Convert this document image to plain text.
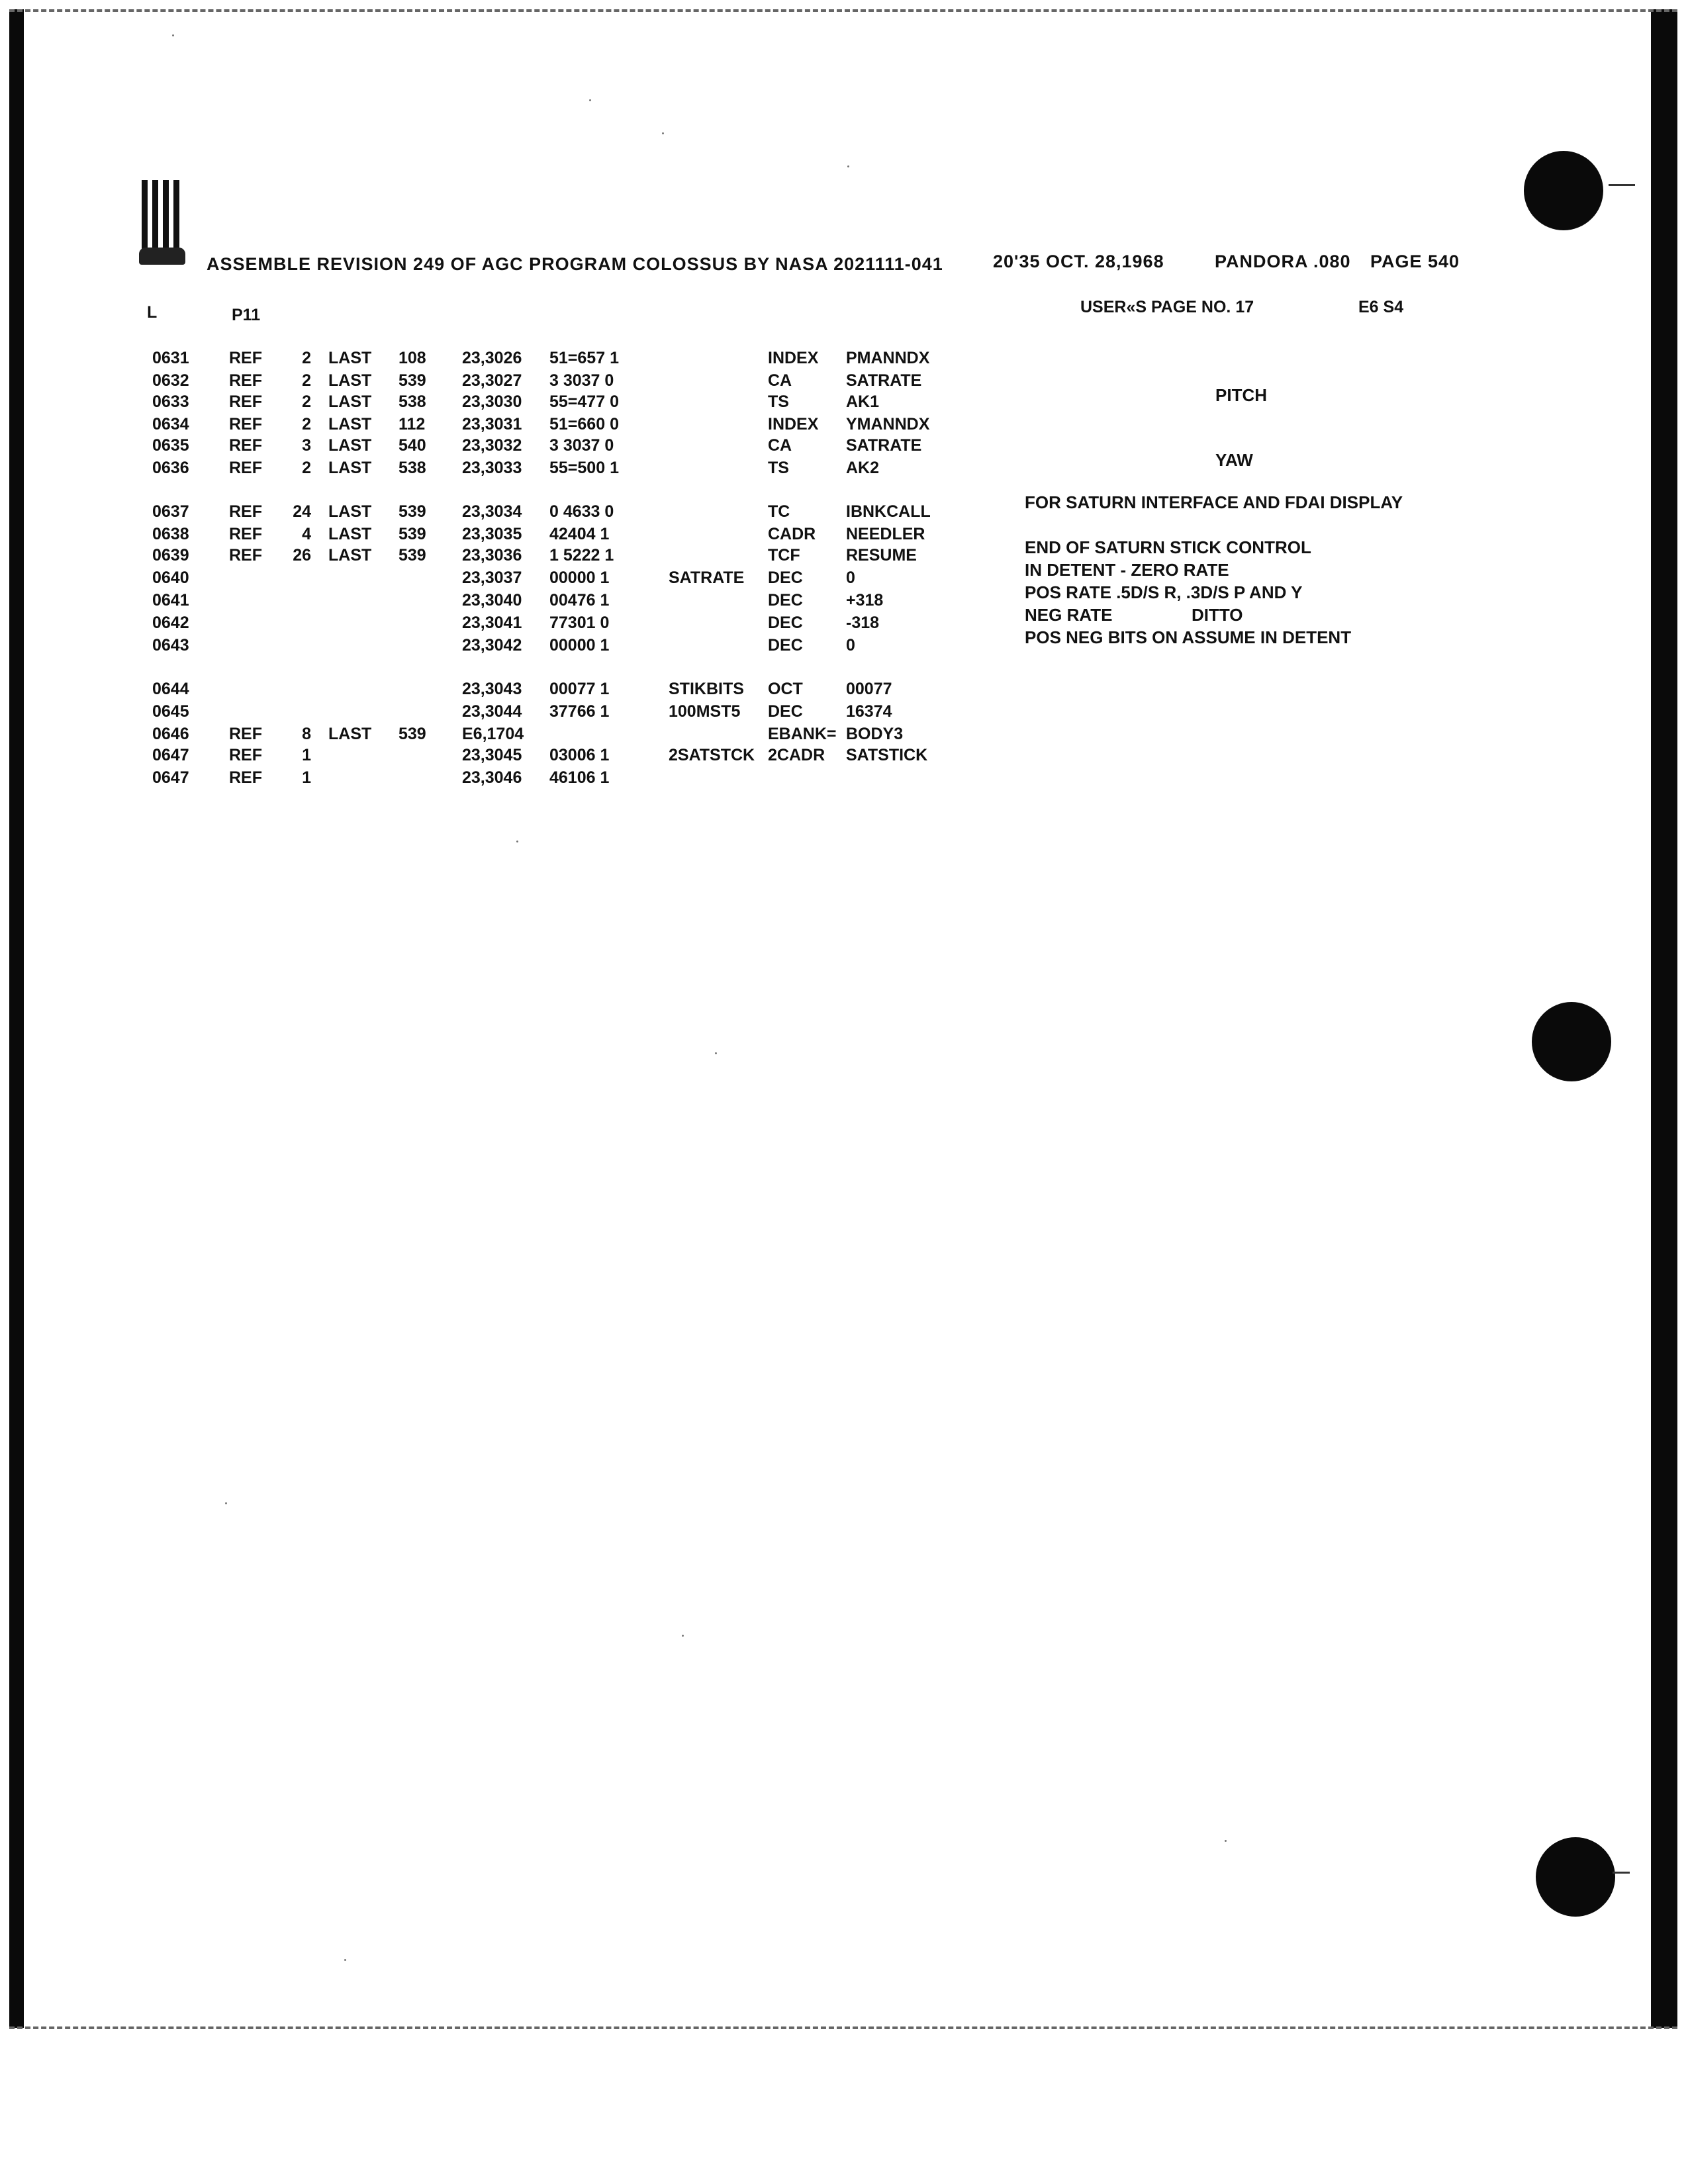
ASSEMBLE REVISION 249 OF AGC PROGRAM COLOSSUS BY NASA 2021111-041	20'35 OCT. 28,1968	PANDORA .080 PAGE 540
L	P11	USER«S PAGE NO. 17	E6 S4
0631 REF	2 LAST 108 23,3026 51=657 1	INDEX PMANNDX
0632 REF	2 LAST 539 23,3027 3 3037 0	CA	SATRATE
0633 REF	2 LAST 538 23,3030 55=477 0	TS	AK1
0634 REF	2 LAST 112 23,3031 51=660 0	INDEX YMANNDX
0635 REF	3 LAST 540 23,3032 3 3037 0	CA	SATRATE
0636 REF	2 LAST 538 23,3033 55=500 1	TS	AK2
0637 REF 24 LAST 539 23,3034 0 4633 0	TC	IBNKCALL
0638 REF	4 LAST 539 23,3035 42404 1	CADR NEEDLER
0639 REF 26 LAST 539 23,3036 1 5222 1	TCF	RESUME
0640	23,3037 00000 1	SATRATE DEC	0
0641	23,3040 00476 1	DEC	+318
0642	23,3041 77301 0	DEC	-318
0643	23,3042 00000 1	DEC	0
0644	23,3043 00077 1	STIKBITS OCT	00077
0645	23,3044 37766 1	100MST5 DEC	16374
0646 REF	8 LAST 539 E6,1704	EBANK= BODY3
0647 REF	1	23,3045 03006 1	2SATSTCK 2CADR SATSTICK
0647 REF	1	23,3046 46106 1
PITCH
YAW
FOR SATURN INTERFACE AND FDAI DISPLAY
END OF SATURN STICK CONTROL
IN DETENT - ZERO RATE
POS RATE .5D/S R, .3D/S P AND Y
NEG RATE	DITTO
POS NEG BITS ON ASSUME IN DETENT
